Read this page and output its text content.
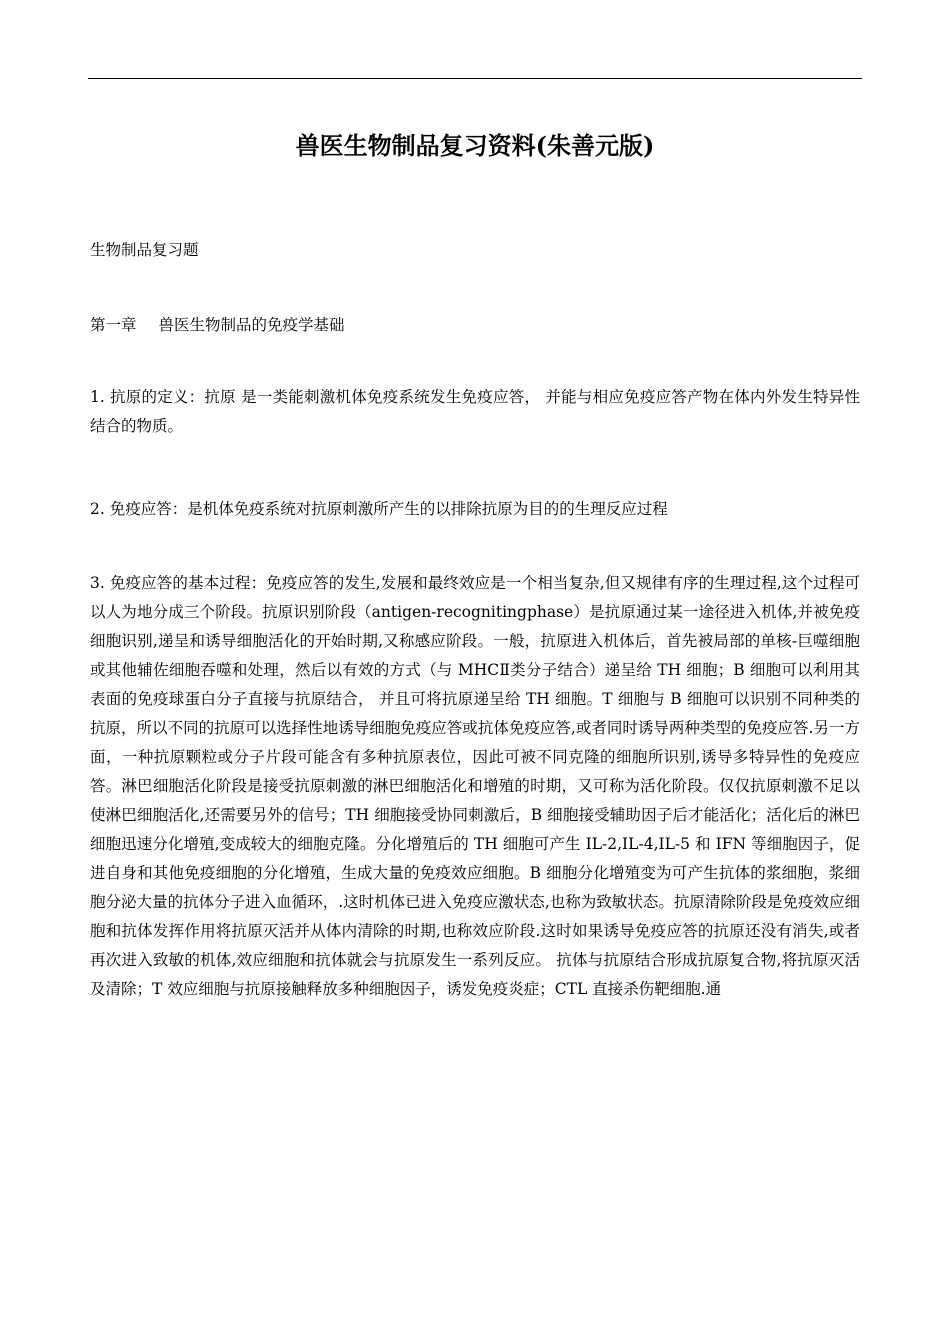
兽医生物制品复习资料(朱善元版)

生物制品复习题

第一章 兽医生物制品的免疫学基础

1. 抗原的定义：抗原 是一类能刺激机体免疫系统发生免疫应答， 并能与相应免疫应答产物在体内外发生特异性结合的物质。

2. 免疫应答：是机体免疫系统对抗原刺激所产生的以排除抗原为目的的生理反应过程

3. 免疫应答的基本过程：免疫应答的发生,发展和最终效应是一个相当复杂,但又规律有序的生理过程,这个过程可以人为地分成三个阶段。抗原识别阶段（antigen-recognitingphase）是抗原通过某一途径进入机体,并被免疫细胞识别,递呈和诱导细胞活化的开始时期,又称感应阶段。一般，抗原进入机体后，首先被局部的单核-巨噬细胞或其他辅佐细胞吞噬和处理，然后以有效的方式（与 MHCⅡ类分子结合）递呈给 TH 细胞；B 细胞可以利用其表面的免疫球蛋白分子直接与抗原结合， 并且可将抗原递呈给 TH 细胞。T 细胞与 B 细胞可以识别不同种类的抗原，所以不同的抗原可以选择性地诱导细胞免疫应答或抗体免疫应答,或者同时诱导两种类型的免疫应答.另一方面，一种抗原颗粒或分子片段可能含有多种抗原表位，因此可被不同克隆的细胞所识别,诱导多特异性的免疫应答。淋巴细胞活化阶段是接受抗原刺激的淋巴细胞活化和增殖的时期，又可称为活化阶段。仅仅抗原刺激不足以使淋巴细胞活化,还需要另外的信号；TH 细胞接受协同刺激后，B 细胞接受辅助因子后才能活化；活化后的淋巴细胞迅速分化增殖,变成较大的细胞克隆。分化增殖后的 TH 细胞可产生 IL-2,IL-4,IL-5 和 IFN 等细胞因子，促进自身和其他免疫细胞的分化增殖，生成大量的免疫效应细胞。B 细胞分化增殖变为可产生抗体的浆细胞，浆细胞分泌大量的抗体分子进入血循环，.这时机体已进入免疫应激状态,也称为致敏状态。抗原清除阶段是免疫效应细胞和抗体发挥作用将抗原灭活并从体内清除的时期,也称效应阶段.这时如果诱导免疫应答的抗原还没有消失,或者再次进入致敏的机体,效应细胞和抗体就会与抗原发生一系列反应。 抗体与抗原结合形成抗原复合物,将抗原灭活及清除；T 效应细胞与抗原接触释放多种细胞因子，诱发免疫炎症；CTL 直接杀伤靶细胞.通
